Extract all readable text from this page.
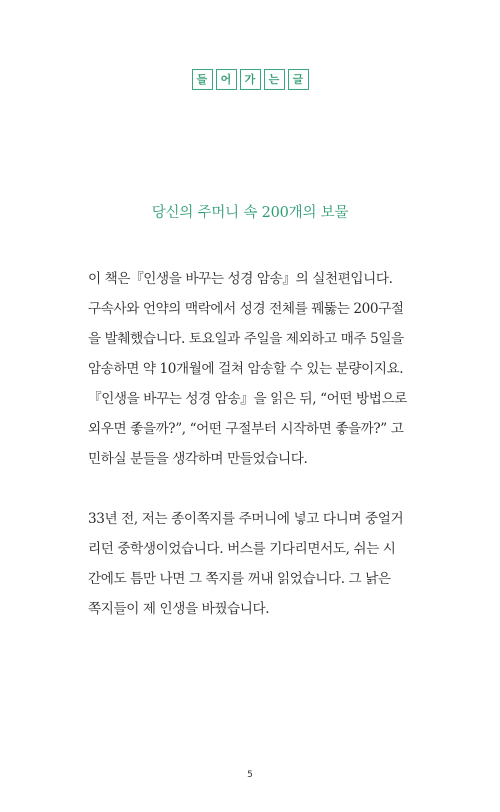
들	어	가	는	글
당신의 주머니 속 200개의 보물
이 책은『인생을 바꾸는 성경 암송』의 실천편입니다.
구속사와 언약의 맥락에서 성경 전체를 꿰뚫는 200구절
을 발췌했습니다. 토요일과 주일을 제외하고 매주 5일을
암송하면 약 10개월에 걸쳐 암송할 수 있는 분량이지요.
『인생을 바꾸는 성경 암송』을 읽은 뒤, “어떤 방법으로
외우면 좋을까?”, “어떤 구절부터 시작하면 좋을까?” 고
민하실 분들을 생각하며 만들었습니다.
33년 전, 저는 종이쪽지를 주머니에 넣고 다니며 중얼거
리던 중학생이었습니다. 버스를 기다리면서도, 쉬는 시
간에도 틈만 나면 그 쪽지를 꺼내 읽었습니다. 그 낡은
쪽지들이 제 인생을 바꿨습니다.
5
